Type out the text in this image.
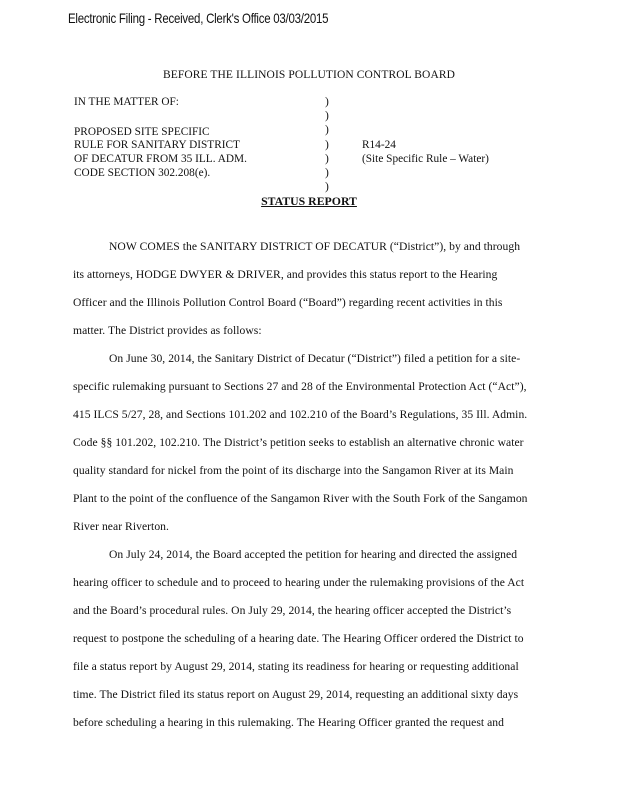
Electronic Filing - Received, Clerk's Office 03/03/2015
BEFORE THE ILLINOIS POLLUTION CONTROL BOARD
IN THE MATTER OF:
PROPOSED SITE SPECIFIC
RULE FOR SANITARY DISTRICT
OF DECATUR FROM 35 ILL. ADM.
CODE SECTION 302.208(e).
)
)
)
)
)
)
)
R14-24
(Site Specific Rule – Water)
STATUS REPORT
NOW COMES the SANITARY DISTRICT OF DECATUR (“District”), by and through
its attorneys, HODGE DWYER & DRIVER, and provides this status report to the Hearing
Officer and the Illinois Pollution Control Board (“Board”) regarding recent activities in this
matter. The District provides as follows:
On June 30, 2014, the Sanitary District of Decatur (“District”) filed a petition for a site-
specific rulemaking pursuant to Sections 27 and 28 of the Environmental Protection Act (“Act”),
415 ILCS 5/27, 28, and Sections 101.202 and 102.210 of the Board’s Regulations, 35 Ill. Admin.
Code §§ 101.202, 102.210. The District’s petition seeks to establish an alternative chronic water
quality standard for nickel from the point of its discharge into the Sangamon River at its Main
Plant to the point of the confluence of the Sangamon River with the South Fork of the Sangamon
River near Riverton.
On July 24, 2014, the Board accepted the petition for hearing and directed the assigned
hearing officer to schedule and to proceed to hearing under the rulemaking provisions of the Act
and the Board’s procedural rules. On July 29, 2014, the hearing officer accepted the District’s
request to postpone the scheduling of a hearing date. The Hearing Officer ordered the District to
file a status report by August 29, 2014, stating its readiness for hearing or requesting additional
time. The District filed its status report on August 29, 2014, requesting an additional sixty days
before scheduling a hearing in this rulemaking. The Hearing Officer granted the request and
